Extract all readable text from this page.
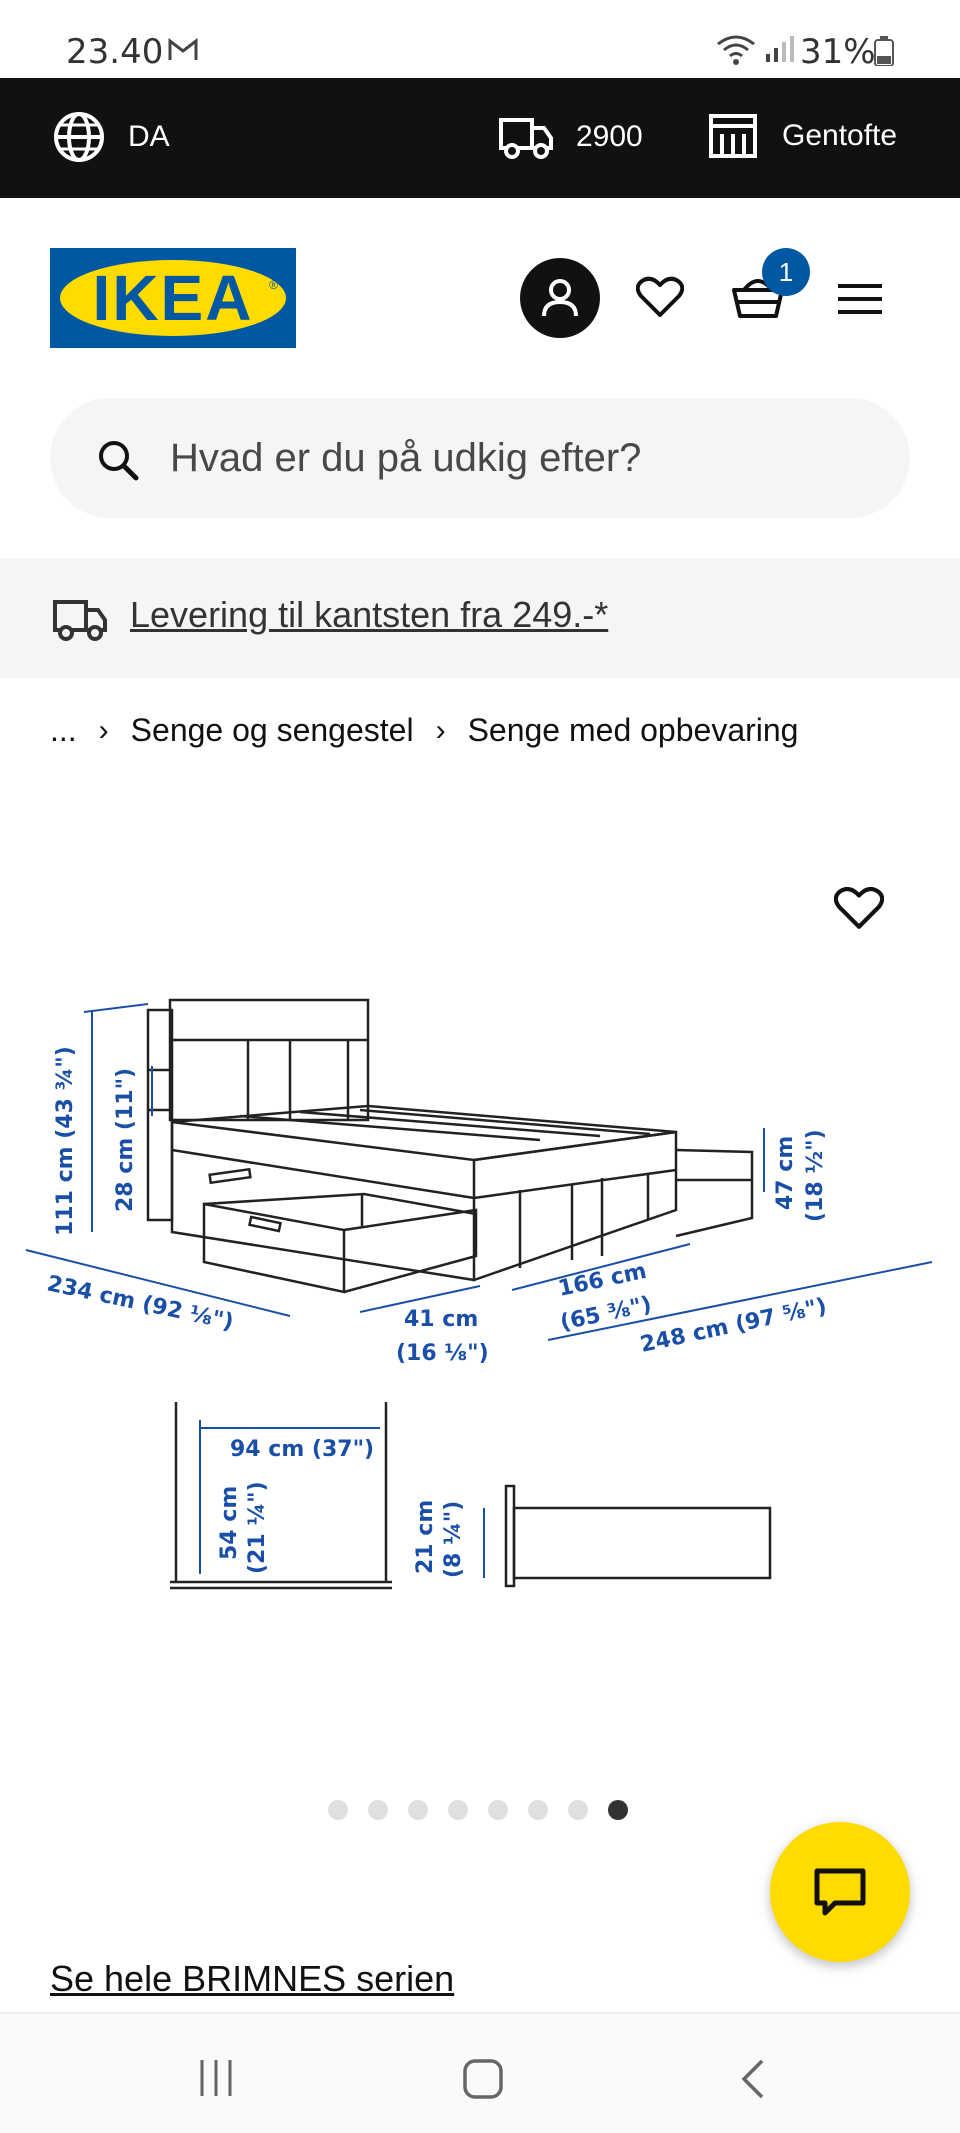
23.40	31%
DA	2900	Gentofte
IKEA	®	1
Hvad er du på udkig efter?
Levering til kantsten fra 249.-*
... › Senge og sengestel › Senge med opbevaring
111 cm (43 ¾") 28 cm (11")	47 cm (18 ½")
234 cm (92 ⅛")	41 cm
(16 ⅛")
166 cm
(65 ⅜")
248 cm (97 ⅝")
94 cm (37")
54 cm (21 ¼")	21 cm (8 ¼")
Se hele BRIMNES serien
